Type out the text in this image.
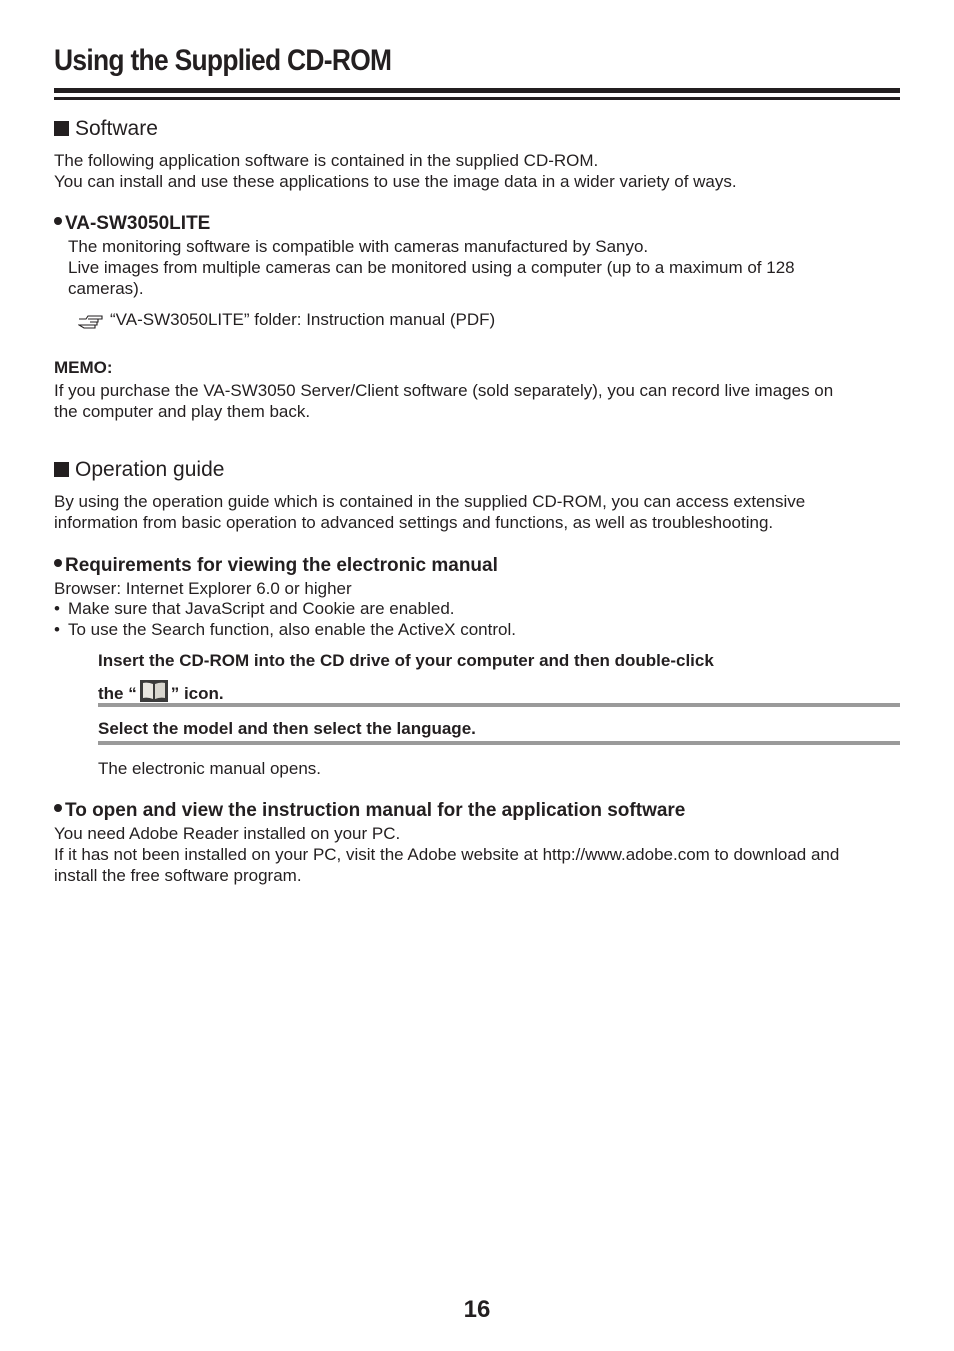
Using the Supplied CD-ROM
Software
The following application software is contained in the supplied CD-ROM.
You can install and use these applications to use the image data in a wider variety of ways.
VA-SW3050LITE
The monitoring software is compatible with cameras manufactured by Sanyo.
Live images from multiple cameras can be monitored using a computer (up to a maximum of 128
cameras).
“VA-SW3050LITE” folder: Instruction manual (PDF)
MEMO:
If you purchase the VA-SW3050 Server/Client software (sold separately), you can record live images on
the computer and play them back.
Operation guide
By using the operation guide which is contained in the supplied CD-ROM, you can access extensive
information from basic operation to advanced settings and functions, as well as troubleshooting.
Requirements for viewing the electronic manual
Browser: Internet Explorer 6.0 or higher
• Make sure that JavaScript and Cookie are enabled.
• To use the Search function, also enable the ActiveX control.
Insert the CD-ROM into the CD drive of your computer and then double-click
the “ ” icon.
Select the model and then select the language.
The electronic manual opens.
To open and view the instruction manual for the application software
You need Adobe Reader installed on your PC.
If it has not been installed on your PC, visit the Adobe website at http://www.adobe.com to download and
install the free software program.
16
